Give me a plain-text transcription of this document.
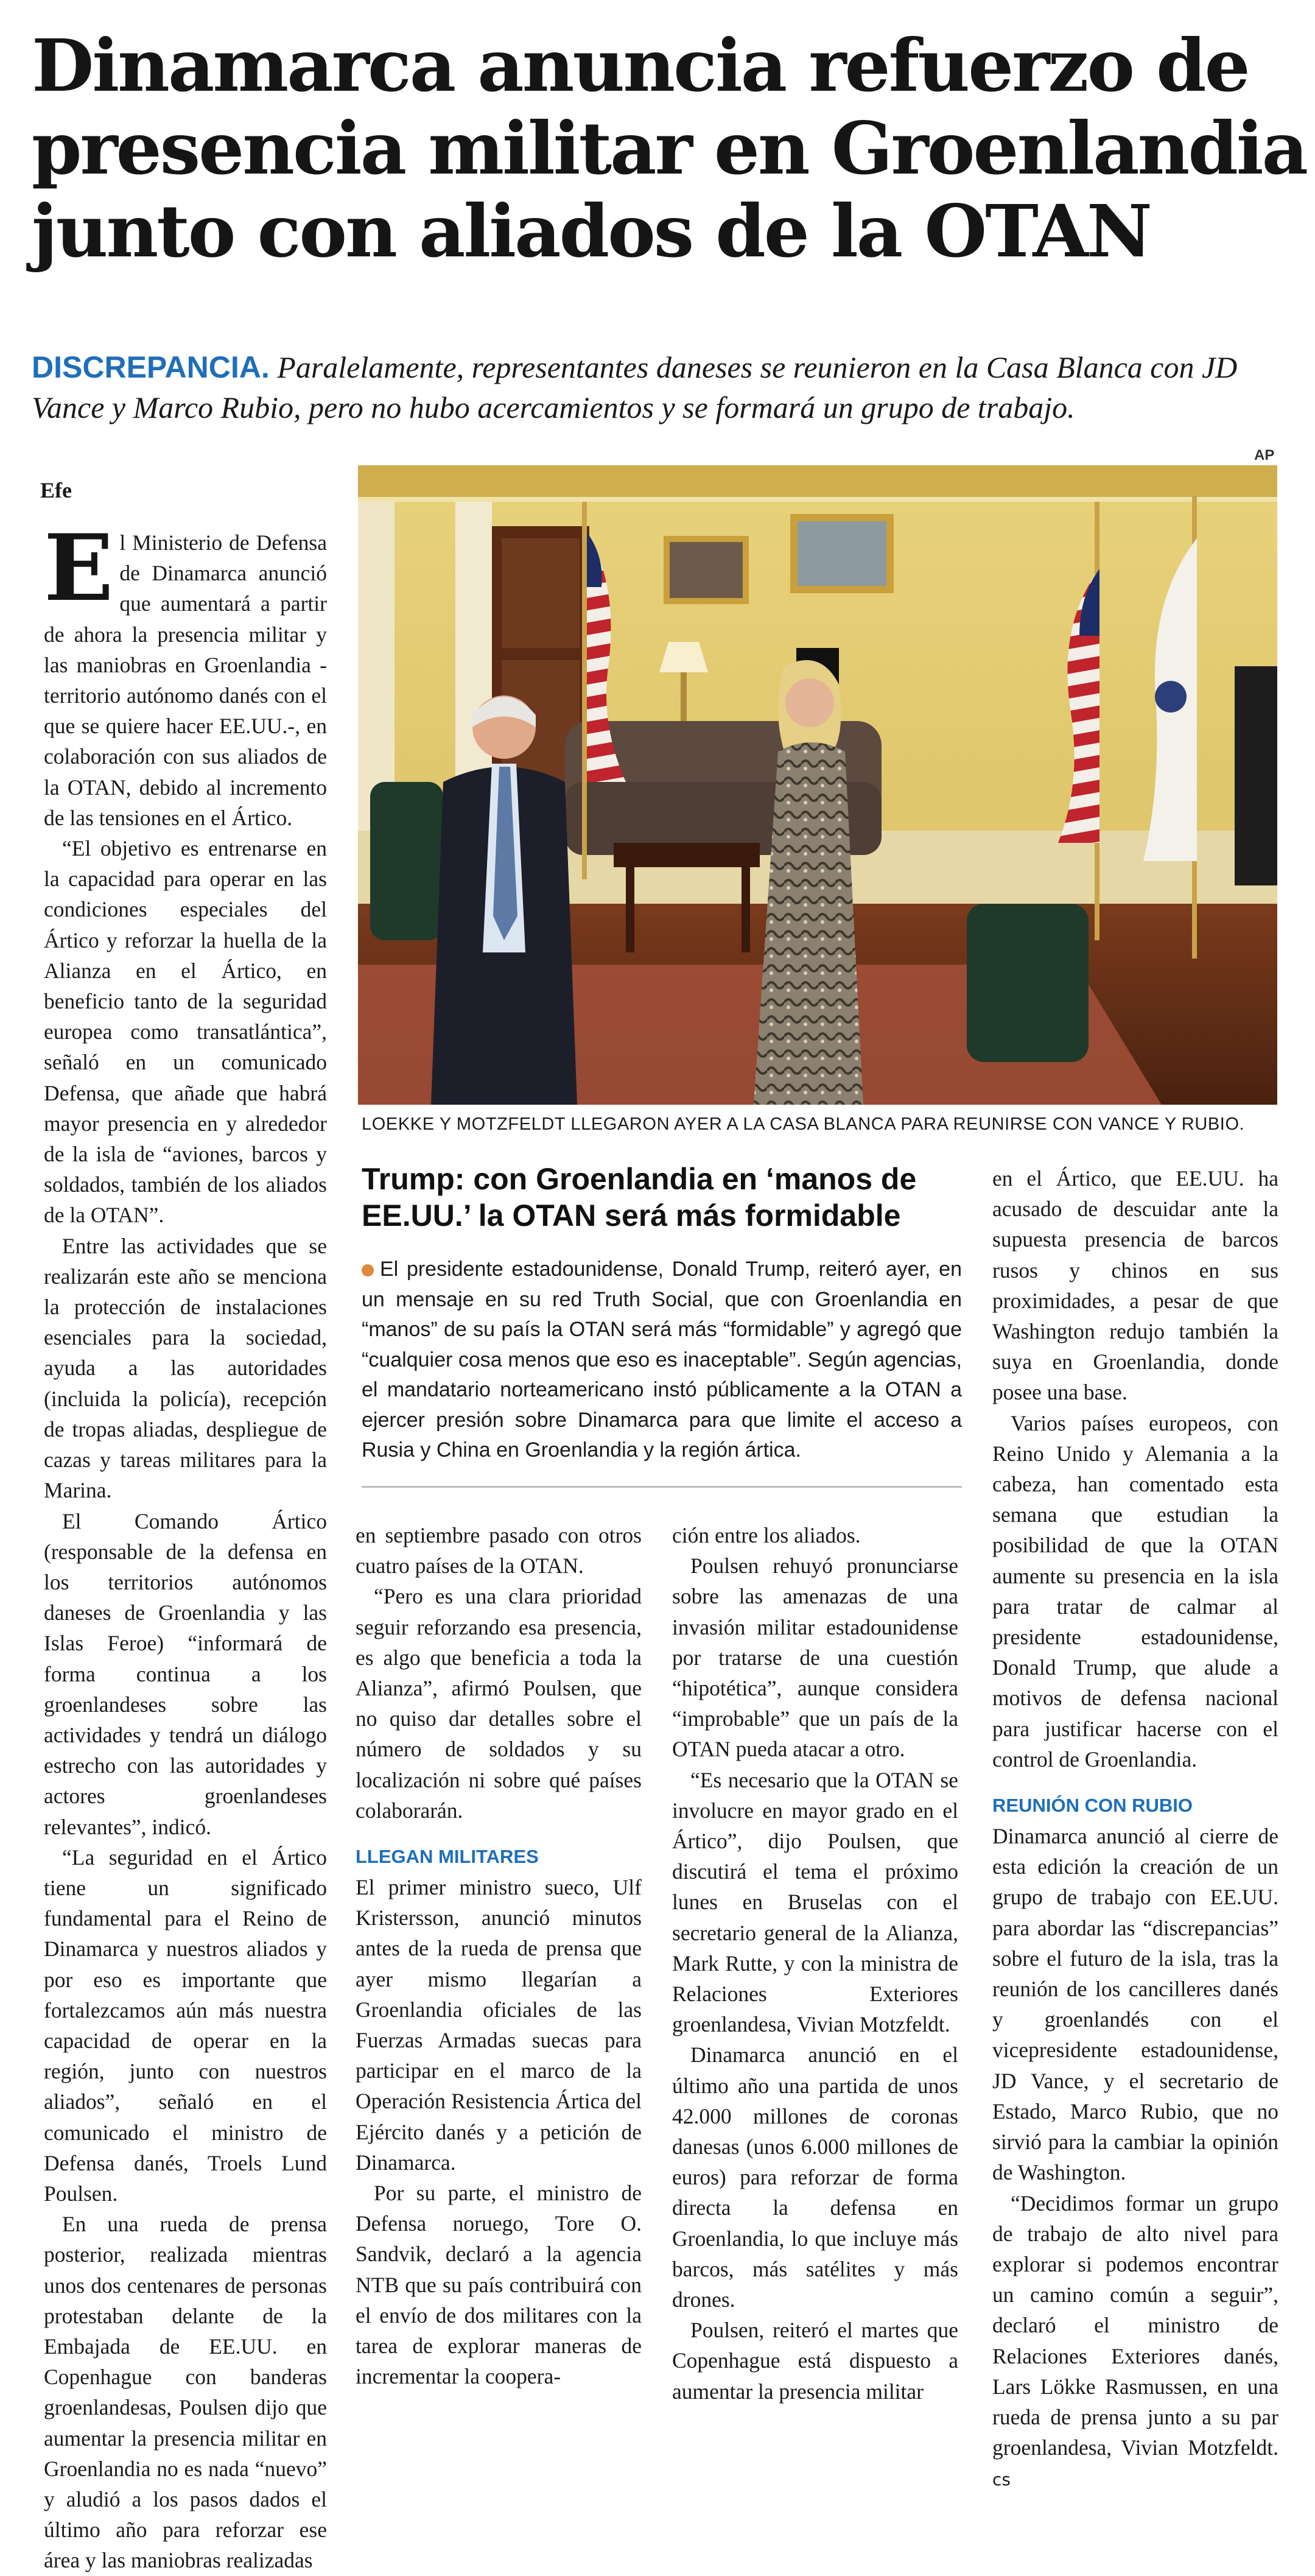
Dinamarca anuncia refuerzo de
presencia militar en Groenlandia
junto con aliados de la OTAN
DISCREPANCIA. Paralelamente, representantes daneses se reunieron en la Casa Blanca con JD Vance y Marco Rubio, pero no hubo acercamientos y se formará un grupo de trabajo.
Efe
AP
LOEKKE Y MOTZFELDT LLEGARON AYER A LA CASA BLANCA PARA REUNIRSE CON VANCE Y RUBIO.
Trump: con Groenlandia en ‘manos de EE.UU.’ la OTAN será más formidable
El presidente estadounidense, Donald Trump, reiteró ayer, en un mensaje en su red Truth Social, que con Groenlandia en “manos” de su país la OTAN será más “formidable” y agregó que “cualquier cosa menos que eso es inaceptable”. Según agencias, el mandatario norteamericano instó públicamente a la OTAN a ejercer presión sobre Dinamarca para que limite el acceso a Rusia y China en Groenlandia y la región ártica.

El Ministerio de Defensa de Dinamarca anunció que aumentará a partir de ahora la presencia militar y las maniobras en Groenlandia -territorio autónomo danés con el que se quiere hacer EE.UU.-, en colaboración con sus aliados de la OTAN, debido al incremento de las tensiones en el Ártico.

“El objetivo es entrenarse en la capacidad para operar en las condiciones especiales del Ártico y reforzar la huella de la Alianza en el Ártico, en beneficio tanto de la seguridad europea como transatlántica”, señaló en un comunicado Defensa, que añade que habrá mayor presencia en y alrededor de la isla de “aviones, barcos y soldados, también de los aliados de la OTAN”.

Entre las actividades que se realizarán este año se menciona la protección de instalaciones esenciales para la sociedad, ayuda a las autoridades (incluida la policía), recepción de tropas aliadas, despliegue de cazas y tareas militares para la Marina.

El Comando Ártico (responsable de la defensa en los territorios autónomos daneses de Groenlandia y las Islas Feroe) “informará de forma continua a los groenlandeses sobre las actividades y tendrá un diálogo estrecho con las autoridades y actores groenlandeses relevantes”, indicó.

“La seguridad en el Ártico tiene un significado fundamental para el Reino de Dinamarca y nuestros aliados y por eso es importante que fortalezcamos aún más nuestra capacidad de operar en la región, junto con nuestros aliados”, señaló en el comunicado el ministro de Defensa danés, Troels Lund Poulsen.

En una rueda de prensa posterior, realizada mientras unos dos centenares de personas protestaban delante de la Embajada de EE.UU. en Copenhague con banderas groenlandesas, Poulsen dijo que aumentar la presencia militar en Groenlandia no es nada “nuevo” y aludió a los pasos dados el último año para reforzar ese área y las maniobras realizadas

en septiembre pasado con otros cuatro países de la OTAN.

“Pero es una clara prioridad seguir reforzando esa presencia, es algo que beneficia a toda la Alianza”, afirmó Poulsen, que no quiso dar detalles sobre el número de soldados y su localización ni sobre qué países colaborarán.

LLEGAN MILITARES

El primer ministro sueco, Ulf Kristersson, anunció minutos antes de la rueda de prensa que ayer mismo llegarían a Groenlandia oficiales de las Fuerzas Armadas suecas para participar en el marco de la Operación Resistencia Ártica del Ejército danés y a petición de Dinamarca.

Por su parte, el ministro de Defensa noruego, Tore O. Sandvik, declaró a la agencia NTB que su país contribuirá con el envío de dos militares con la tarea de explorar maneras de incrementar la coopera-

ción entre los aliados.

Poulsen rehuyó pronunciarse sobre las amenazas de una invasión militar estadounidense por tratarse de una cuestión “hipotética”, aunque considera “improbable” que un país de la OTAN pueda atacar a otro.

“Es necesario que la OTAN se involucre en mayor grado en el Ártico”, dijo Poulsen, que discutirá el tema el próximo lunes en Bruselas con el secretario general de la Alianza, Mark Rutte, y con la ministra de Relaciones Exteriores groenlandesa, Vivian Motzfeldt.

Dinamarca anunció en el último año una partida de unos 42.000 millones de coronas danesas (unos 6.000 millones de euros) para reforzar de forma directa la defensa en Groenlandia, lo que incluye más barcos, más satélites y más drones.

Poulsen, reiteró el martes que Copenhague está dispuesto a aumentar la presencia militar

en el Ártico, que EE.UU. ha acusado de descuidar ante la supuesta presencia de barcos rusos y chinos en sus proximidades, a pesar de que Washington redujo también la suya en Groenlandia, donde posee una base.

Varios países europeos, con Reino Unido y Alemania a la cabeza, han comentado esta semana que estudian la posibilidad de que la OTAN aumente su presencia en la isla para tratar de calmar al presidente estadounidense, Donald Trump, que alude a motivos de defensa nacional para justificar hacerse con el control de Groenlandia.

REUNIÓN CON RUBIO

Dinamarca anunció al cierre de esta edición la creación de un grupo de trabajo con EE.UU. para abordar las “discrepancias” sobre el futuro de la isla, tras la reunión de los cancilleres danés y groenlandés con el vicepresidente estadounidense, JD Vance, y el secretario de Estado, Marco Rubio, que no sirvió para la cambiar la opinión de Washington.

“Decidimos formar un grupo de trabajo de alto nivel para explorar si podemos encontrar un camino común a seguir”, declaró el ministro de Relaciones Exteriores danés, Lars Lökke Rasmussen, en una rueda de prensa junto a su par groenlandesa, Vivian Motzfeldt. cs
